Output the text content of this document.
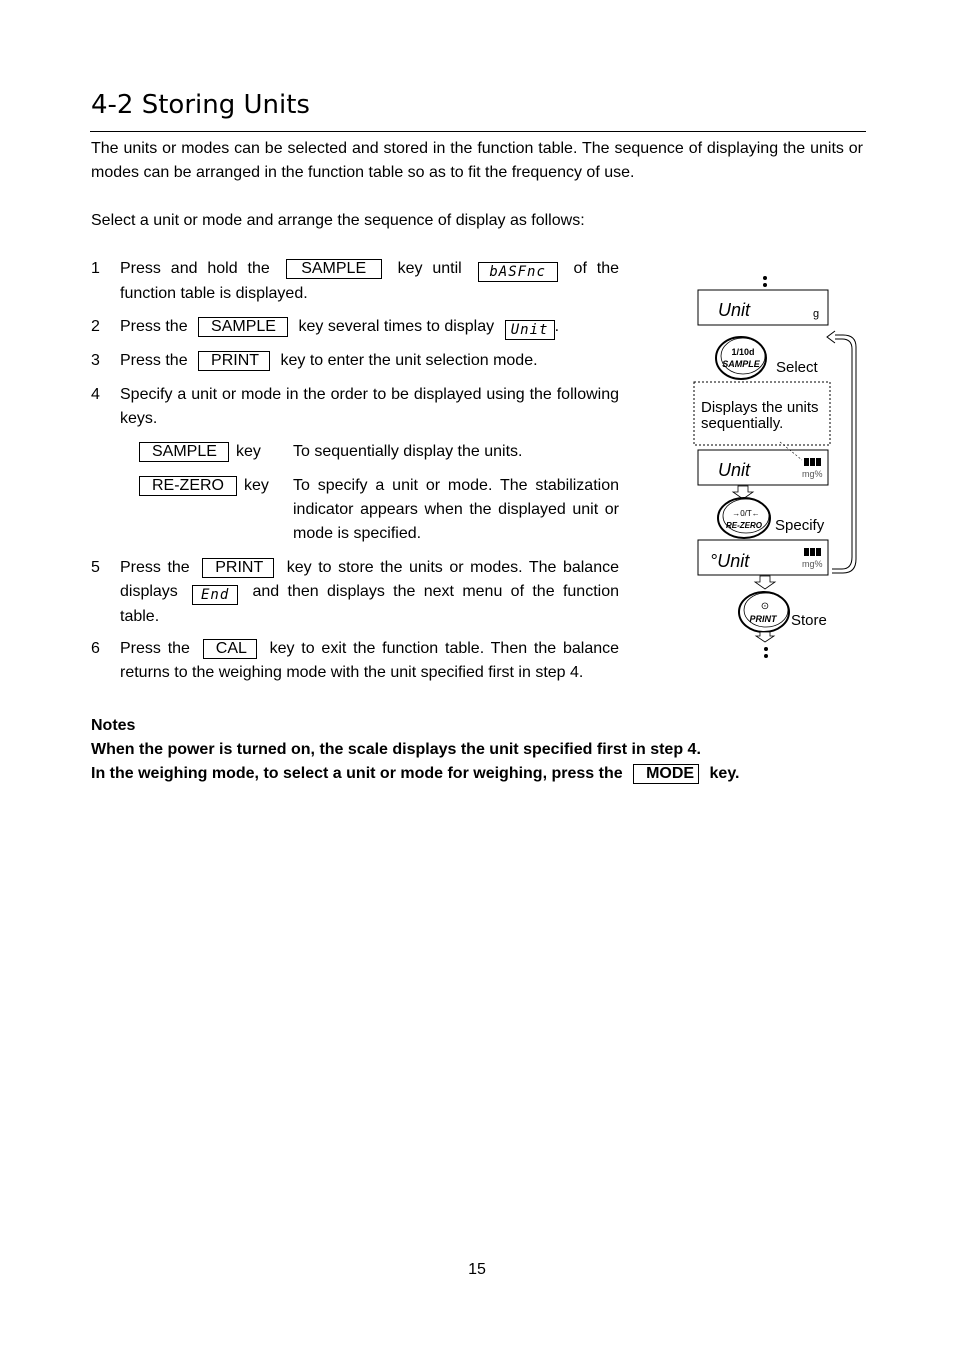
4-2 Storing Units
The units or modes can be selected and stored in the function table. The sequence of displaying the units or modes can be arranged in the function table so as to fit the frequency of use.
Select a unit or mode and arrange the sequence of display as follows:
1 Press and hold the SAMPLE key until bASFnc of the function table is displayed.
2 Press the SAMPLE key several times to display Unit .
3 Press the PRINT key to enter the unit selection mode.
4 Specify a unit or mode in the order to be displayed using the following keys.
SAMPLE	key To sequentially display the units.
RE-ZERO	key To specify a unit or mode. The stabilization indicator appears when the displayed unit or mode is specified.
5 Press the PRINT key to store the units or modes. The balance displays End and then displays the next menu of the function table.
6 Press the CAL key to exit the function table. Then the balance returns to the weighing mode with the unit specified first in step 4.
Notes
When the power is turned on, the scale displays the unit specified first in step 4.
In the weighing mode, to select a unit or mode for weighing, press the MODE key.
Unit	g
1/10d
SAMPLE Select
Displays the units
sequentially.
Unit	mg%
→0/T←
RE-ZERO Specify
°Unit	mg%
⊙
PRINT Store
15
